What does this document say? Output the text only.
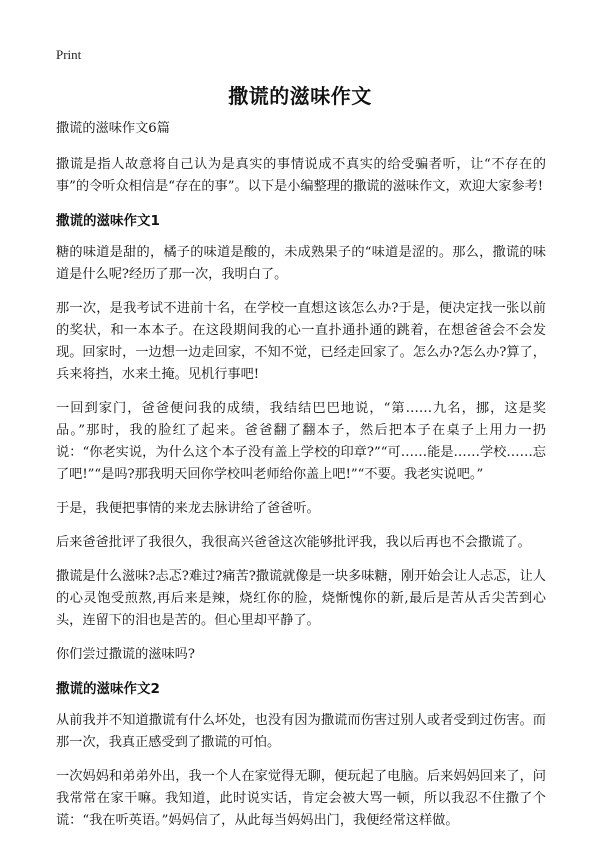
Print
撒谎的滋味作文

撒谎的滋味作文6篇

撒谎是指人故意将自己认为是真实的事情说成不真实的给受骗者听，让“不存在的事”的令听众相信是“存在的事”。以下是小编整理的撒谎的滋味作文，欢迎大家参考!

撒谎的滋味作文1

糖的味道是甜的，橘子的味道是酸的，未成熟果子的“味道是涩的。那么，撒谎的味道是什么呢?经历了那一次，我明白了。

那一次，是我考试不进前十名，在学校一直想这该怎么办?于是，便决定找一张以前的奖状，和一本本子。在这段期间我的心一直扑通扑通的跳着，在想爸爸会不会发现。回家时，一边想一边走回家，不知不觉，已经走回家了。怎么办?怎么办?算了，兵来将挡，水来土掩。见机行事吧!

一回到家门，爸爸便问我的成绩，我结结巴巴地说，“第……九名，挪，这是奖品。”那时，我的脸红了起来。爸爸翻了翻本子，然后把本子在桌子上用力一扔说：“你老实说，为什么这个本子没有盖上学校的印章?”“可……能是……学校……忘了吧!”“是吗?那我明天回你学校叫老师给你盖上吧!”“不要。我老实说吧。”

于是，我便把事情的来龙去脉讲给了爸爸听。

后来爸爸批评了我很久，我很高兴爸爸这次能够批评我，我以后再也不会撒谎了。

撒谎是什么滋味?忐忑?难过?痛苦?撒谎就像是一块多味糖，刚开始会让人忐忑，让人的心灵饱受煎熬,再后来是辣，烧红你的脸，烧惭愧你的新,最后是苦从舌尖苦到心头，连留下的泪也是苦的。但心里却平静了。

你们尝过撒谎的滋味吗?

撒谎的滋味作文2

从前我并不知道撒谎有什么坏处，也没有因为撒谎而伤害过别人或者受到过伤害。而那一次，我真正感受到了撒谎的可怕。

一次妈妈和弟弟外出，我一个人在家觉得无聊，便玩起了电脑。后来妈妈回来了，问我常常在家干嘛。我知道，此时说实话，肯定会被大骂一顿，所以我忍不住撒了个谎：“我在听英语。”妈妈信了，从此每当妈妈出门，我便经常这样做。
